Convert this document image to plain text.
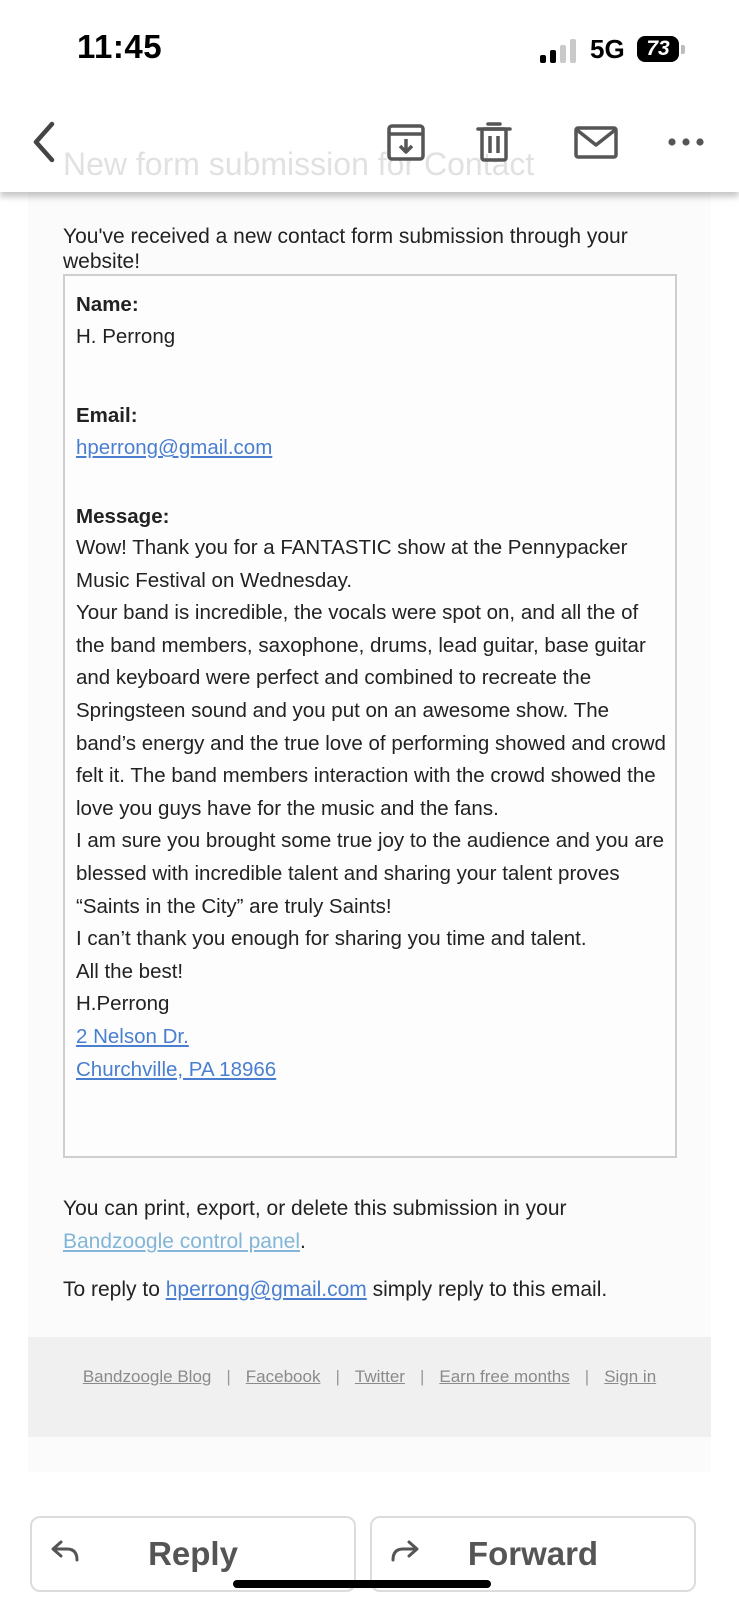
11:45	5G	73
New form submission for Contact
You've received a new contact form submission through your website!
Name:
H. Perrong
Email:
hperrong@gmail.com
Message:

Wow! Thank you for a FANTASTIC show at the Pennypacker Music Festival on Wednesday.

Your band is incredible, the vocals were spot on, and all the of the band members, saxophone, drums, lead guitar, base guitar and keyboard were perfect and combined to recreate the Springsteen sound and you put on an awesome show. The band’s energy and the true love of performing showed and crowd felt it. The band members interaction with the crowd showed the love you guys have for the music and the fans.

I am sure you brought some true joy to the audience and you are blessed with incredible talent and sharing your talent proves “Saints in the City” are truly Saints!

I can’t thank you enough for sharing you time and talent.

All the best!

H.Perrong

2 Nelson Dr.

Churchville, PA 18966

You can print, export, or delete this submission in your Bandzoogle control panel.
To reply to hperrong@gmail.com simply reply to this email.
Bandzoogle Blog | Facebook | Twitter | Earn free months | Sign in
Reply	Forward
